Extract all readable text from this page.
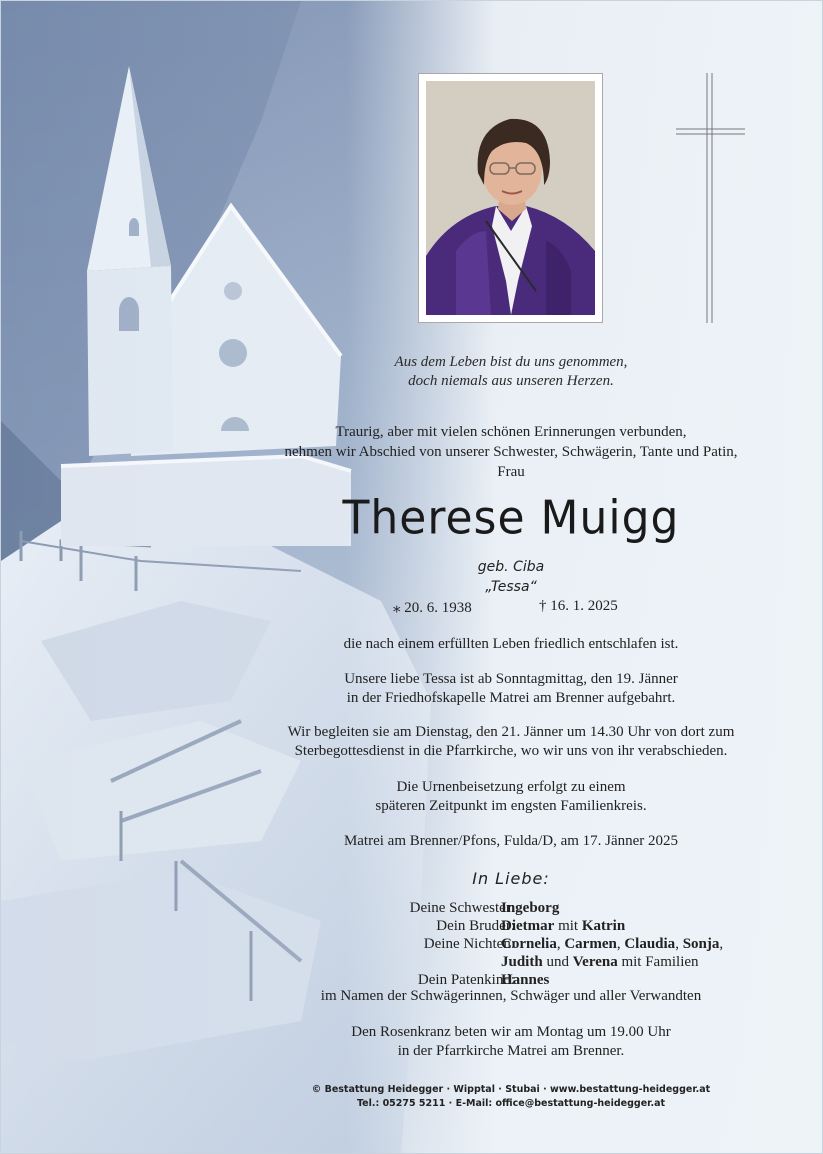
Aus dem Leben bist du uns genommen,
doch niemals aus unseren Herzen.
Traurig, aber mit vielen schönen Erinnerungen verbunden,
nehmen wir Abschied von unserer Schwester, Schwägerin, Tante und Patin,
Frau
Therese Muigg
geb. Ciba
„Tessa“
⁎ 20. 6. 1938	† 16. 1. 2025
die nach einem erfüllten Leben friedlich entschlafen ist.
Unsere liebe Tessa ist ab Sonntagmittag, den 19. Jänner
in der Friedhofskapelle Matrei am Brenner aufgebahrt.
Wir begleiten sie am Dienstag, den 21. Jänner um 14.30 Uhr von dort zum
Sterbegottesdienst in die Pfarrkirche, wo wir uns von ihr verabschieden.
Die Urnenbeisetzung erfolgt zu einem
späteren Zeitpunkt im engsten Familienkreis.
Matrei am Brenner/Pfons, Fulda/D, am 17. Jänner 2025
In Liebe:
Deine Schwester:
Ingeborg
Dein Bruder:
Dietmar mit Katrin
Deine Nichten:
Cornelia, Carmen, Claudia, Sonja,
Judith und Verena mit Familien
Dein Patenkind:
Hannes
im Namen der Schwägerinnen, Schwäger und aller Verwandten
Den Rosenkranz beten wir am Montag um 19.00 Uhr
in der Pfarrkirche Matrei am Brenner.
© Bestattung Heidegger · Wipptal · Stubai · www.bestattung-heidegger.at
Tel.: 05275 5211 · E-Mail: office@bestattung-heidegger.at
